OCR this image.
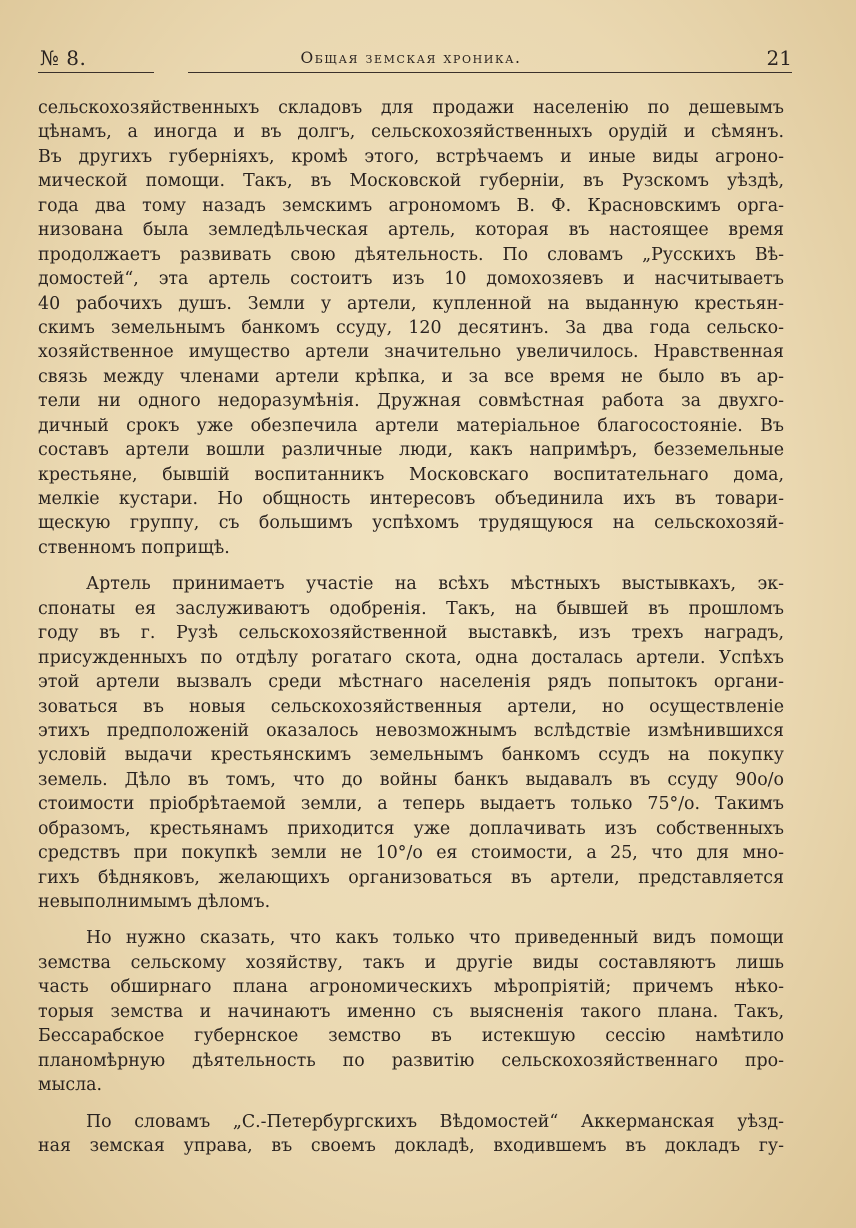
№ 8.	Общая земская хроника.	21
сельскохозяйственныхъ складовъ для продажи населенію по дешевымъ
цѣнамъ, а иногда и въ долгъ, сельскохозяйственныхъ орудій и сѣмянъ.
Въ другихъ губерніяхъ, кромѣ этого, встрѣчаемъ и иные виды агроно-
мической помощи. Такъ, въ Московской губерніи, въ Рузскомъ уѣздѣ,
года два тому назадъ земскимъ агрономомъ В. Ф. Красновскимъ орга-
низована была земледѣльческая артель, которая въ настоящее время
продолжаетъ развивать свою дѣятельность. По словамъ „Русскихъ Вѣ-
домостей“, эта артель состоитъ изъ 10 домохозяевъ и насчитываетъ
40 рабочихъ душъ. Земли у артели, купленной на выданную крестьян-
скимъ земельнымъ банкомъ ссуду, 120 десятинъ. За два года сельско-
хозяйственное имущество артели значительно увеличилось. Нравственная
связь между членами артели крѣпка, и за все время не было въ ар-
тели ни одного недоразумѣнія. Дружная совмѣстная работа за двухго-
дичный срокъ уже обезпечила артели матеріальное благосостояніе. Въ
составъ артели вошли различные люди, какъ напримѣръ, безземельные
крестьяне, бывшій воспитанникъ Московскаго воспитательнаго дома,
мелкіе кустари. Но общность интересовъ объединила ихъ въ товари-
щескую группу, съ большимъ успѣхомъ трудящуюся на сельскохозяй-
ственномъ поприщѣ.
Артель принимаетъ участіе на всѣхъ мѣстныхъ выстывкахъ, эк-
спонаты ея заслуживаютъ одобренія. Такъ, на бывшей въ прошломъ
году въ г. Рузѣ сельскохозяйственной выставкѣ, изъ трехъ наградъ,
присужденныхъ по отдѣлу рогатаго скота, одна досталась артели. Успѣхъ
этой артели вызвалъ среди мѣстнаго населенія рядъ попытокъ органи-
зоваться въ новыя сельскохозяйственныя артели, но осуществленіе
этихъ предположеній оказалось невозможнымъ вслѣдствіе измѣнившихся
условій выдачи крестьянскимъ земельнымъ банкомъ ссудъ на покупку
земель. Дѣло въ томъ, что до войны банкъ выдавалъ въ ссуду 90о/о
стоимости пріобрѣтаемой земли, а теперь выдаетъ только 75°/о. Такимъ
образомъ, крестьянамъ приходится уже доплачивать изъ собственныхъ
средствъ при покупкѣ земли не 10°/о ея стоимости, а 25, что для мно-
гихъ бѣдняковъ, желающихъ организоваться въ артели, представляется
невыполнимымъ дѣломъ.
Но нужно сказать, что какъ только что приведенный видъ помощи
земства сельскому хозяйству, такъ и другіе виды составляютъ лишь
часть обширнаго плана агрономическихъ мѣропріятій; причемъ нѣко-
торыя земства и начинаютъ именно съ выясненія такого плана. Такъ,
Бессарабское губернское земство въ истекшую сессію намѣтило
планомѣрную дѣятельность по развитію сельскохозяйственнаго про-
мысла.
По словамъ „С.-Петербургскихъ Вѣдомостей“ Аккерманская уѣзд-
ная земская управа, въ своемъ докладѣ, входившемъ въ докладъ гу-
